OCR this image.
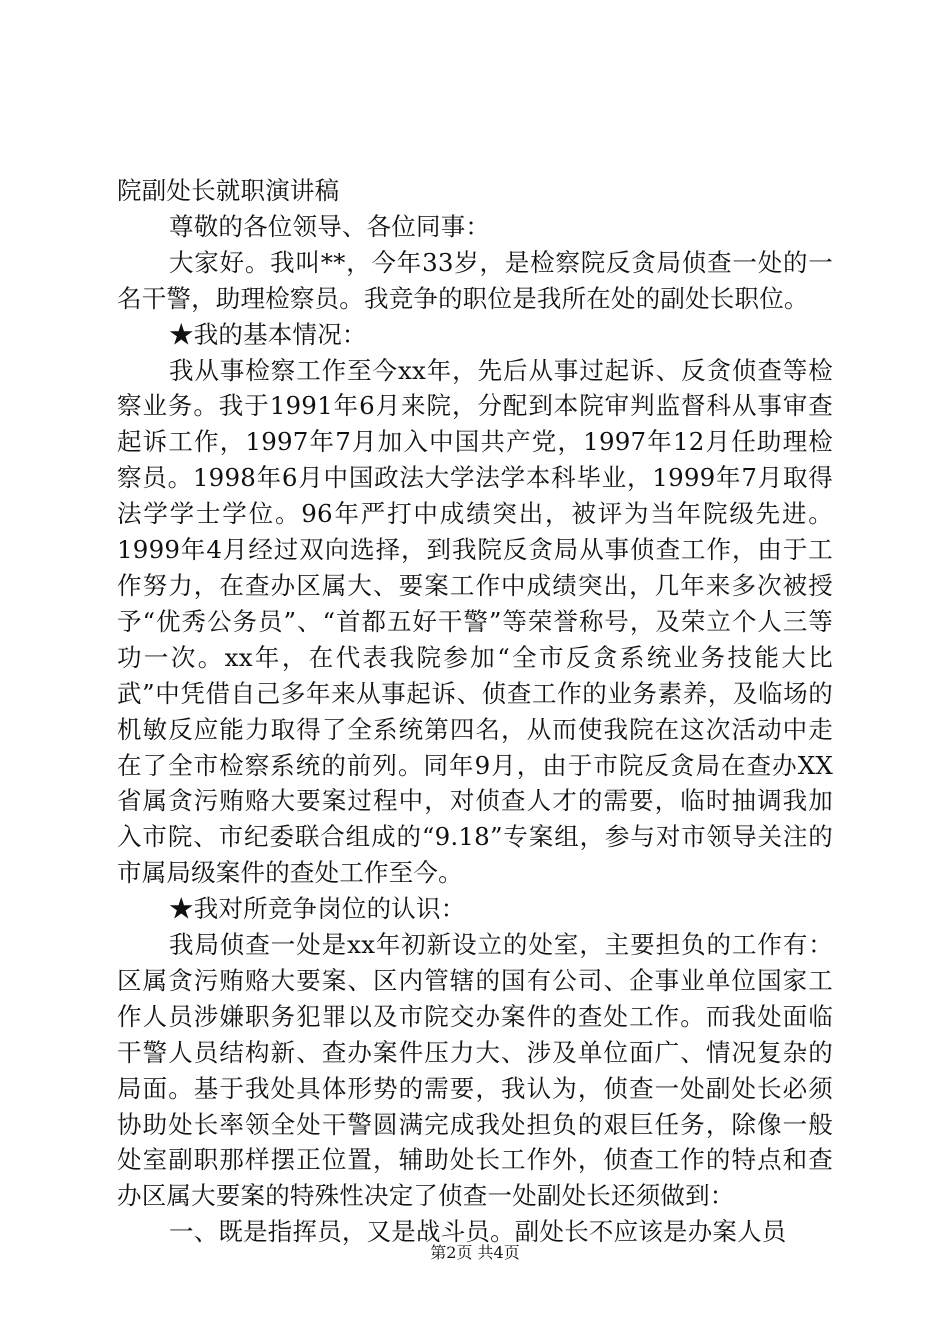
院副处长就职演讲稿

尊敬的各位领导、各位同事：

大家好。我叫**，今年33岁，是检察院反贪局侦查一处的一名干警，助理检察员。我竞争的职位是我所在处的副处长职位。

★我的基本情况：

我从事检察工作至今xx年，先后从事过起诉、反贪侦查等检察业务。我于1991年6月来院，分配到本院审判监督科从事审查起诉工作，1997年7月加入中国共产党，1997年12月任助理检察员。1998年6月中国政法大学法学本科毕业，1999年7月取得法学学士学位。96年严打中成绩突出，被评为当年院级先进。1999年4月经过双向选择，到我院反贪局从事侦查工作，由于工作努力，在查办区属大、要案工作中成绩突出，几年来多次被授予“优秀公务员”、“首都五好干警”等荣誉称号，及荣立个人三等功一次。xx年，在代表我院参加“全市反贪系统业务技能大比武”中凭借自己多年来从事起诉、侦查工作的业务素养，及临场的机敏反应能力取得了全系统第四名，从而使我院在这次活动中走在了全市检察系统的前列。同年9月，由于市院反贪局在查办XX省属贪污贿赂大要案过程中，对侦查人才的需要，临时抽调我加入市院、市纪委联合组成的“9.18”专案组，参与对市领导关注的市属局级案件的查处工作至今。

★我对所竞争岗位的认识：

我局侦查一处是xx年初新设立的处室，主要担负的工作有：区属贪污贿赂大要案、区内管辖的国有公司、企事业单位国家工作人员涉嫌职务犯罪以及市院交办案件的查处工作。而我处面临干警人员结构新、查办案件压力大、涉及单位面广、情况复杂的局面。基于我处具体形势的需要，我认为，侦查一处副处长必须协助处长率领全处干警圆满完成我处担负的艰巨任务，除像一般处室副职那样摆正位置，辅助处长工作外，侦查工作的特点和查办区属大要案的特殊性决定了侦查一处副处长还须做到：

一、既是指挥员，又是战斗员。副处长不应该是办案人员

第2页 共4页
